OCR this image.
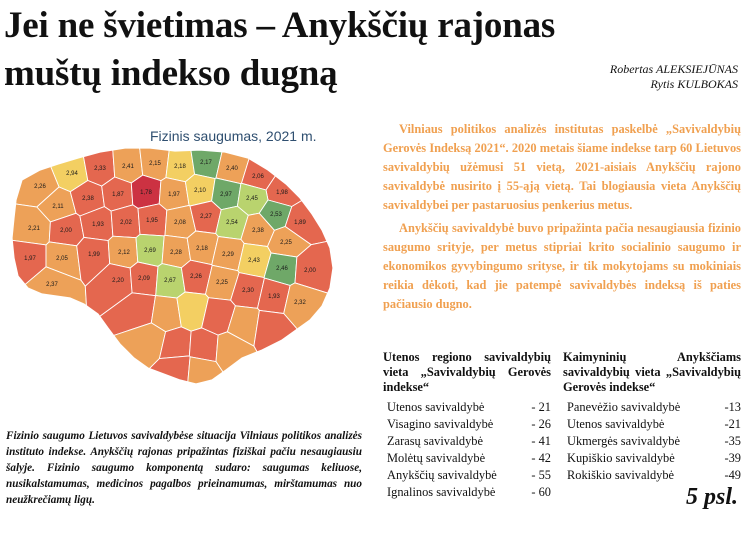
Jei ne švietimas – Anykščių rajonas muštų indekso dugną	Robertas ALEKSIEJŪNAS
Rytis KULBOKAS
2,94
2,26
2,33	2,41	2,15 2,18
2,17
2,40
2,06
1,98
2,11
2,38
1,87	1,78	1,97
2,10
2,97
2,45
2,53
1,89
2,21	2,00
1,93	2,02 1,95	2,08
2,27
2,54
2,38
2,25
1,97	2,05
1,99	2,12 2,69 2,28
2,18
2,29
2,43
2,46	2,00
2,37
2,20 2,09 2,67
2,26
2,25
2,30
1,93
2,32
Fizinis saugumas, 2021 m.
Fizinio saugumo Lietuvos savivaldybėse situacija Vilniaus politikos analizės instituto indekse. Anykščių rajonas pripažintas fiziškai pačiu nesaugiausiu šalyje. Fizinio saugumo komponentą sudaro: saugumas keliuose, nusikalstamumas, medicinos pagalbos prieinamumas, mirštamumas nuo neužkrečiamų ligų.

Vilniaus politikos analizės institutas paskelbė „Savivaldybių Gerovės Indeksą 2021“. 2020 metais šiame indekse tarp 60 Lietuvos savivaldybių užėmusi 51 vietą, 2021-aisiais Anykščių rajono savivaldybė nusirito į 55-ąją vietą. Tai blogiausia vieta Anykščių savivaldybei per pastaruosius penkerius metus.

Anykščių savivaldybė buvo pripažinta pačia nesaugiausia fizinio saugumo srityje, per metus stipriai krito socialinio saugumo ir ekonomikos gyvybingumo srityse, ir tik mokytojams su mokiniais reikia dėkoti, kad jie patempė savivaldybės indeksą iš paties pačiausio dugno.

Utenos regiono savivaldybių vieta „Savivaldybių Gerovės indekse“
Utenos savivaldybė	- 21
Visagino savivaldybė	- 26
Zarasų savivaldybė	- 41
Molėtų savivaldybė	- 42
Anykščių savivaldybė	- 55
Ignalinos savivaldybė	- 60
Kaimyninių Anykščiams savivaldybių vieta „Savivaldybių Gerovės indekse“
Panevėžio savivaldybė	-13
Utenos savivaldybė	-21
Ukmergės savivaldybė	-35
Kupiškio savivaldybė	-39
Rokiškio savivaldybė	-49
5 psl.
